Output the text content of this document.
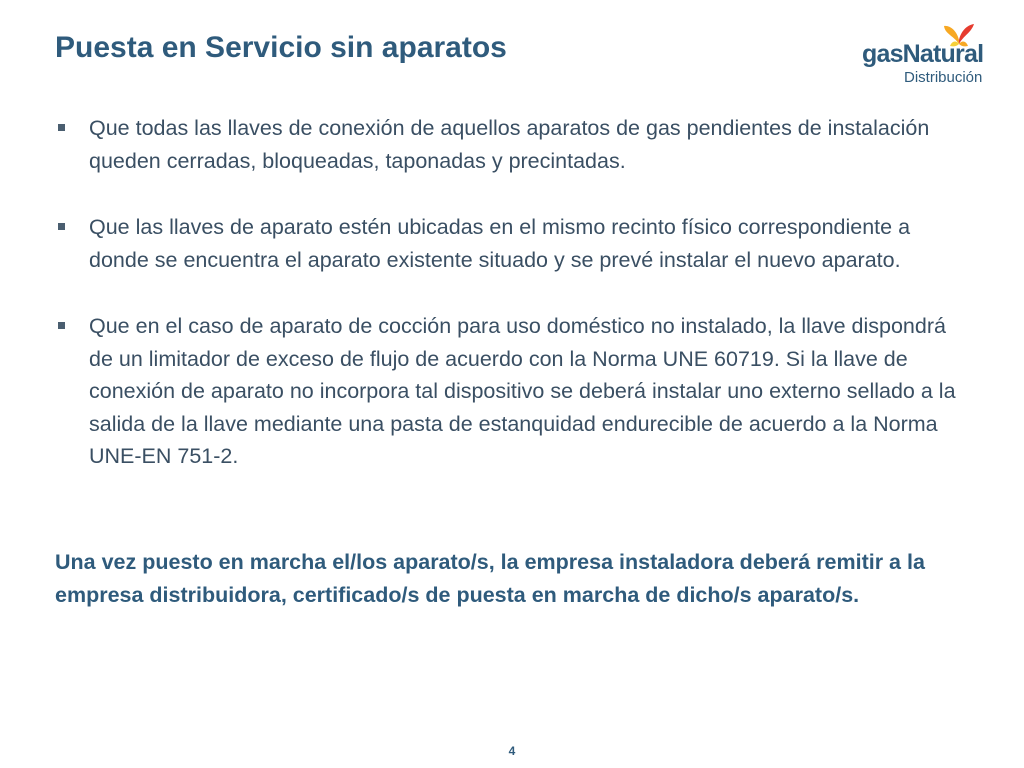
Puesta en Servicio sin aparatos	gasNatural
Distribución
Que todas las llaves de conexión de aquellos aparatos de gas pendientes de instalación queden cerradas, bloqueadas, taponadas y precintadas.
Que las llaves de aparato estén ubicadas en el mismo recinto físico correspondiente a donde se encuentra el aparato existente situado y se prevé instalar el nuevo aparato.
Que en el caso de aparato de cocción para uso doméstico no instalado, la llave dispondrá de un limitador de exceso de flujo de acuerdo con la Norma UNE 60719. Si la llave de conexión de aparato no incorpora tal dispositivo se deberá instalar uno externo sellado a la salida de la llave mediante una pasta de estanquidad endurecible de acuerdo a la Norma UNE-EN 751-2.

Una vez puesto en marcha el/los aparato/s, la empresa instaladora deberá remitir a la empresa distribuidora, certificado/s de puesta en marcha de dicho/s aparato/s.

4
